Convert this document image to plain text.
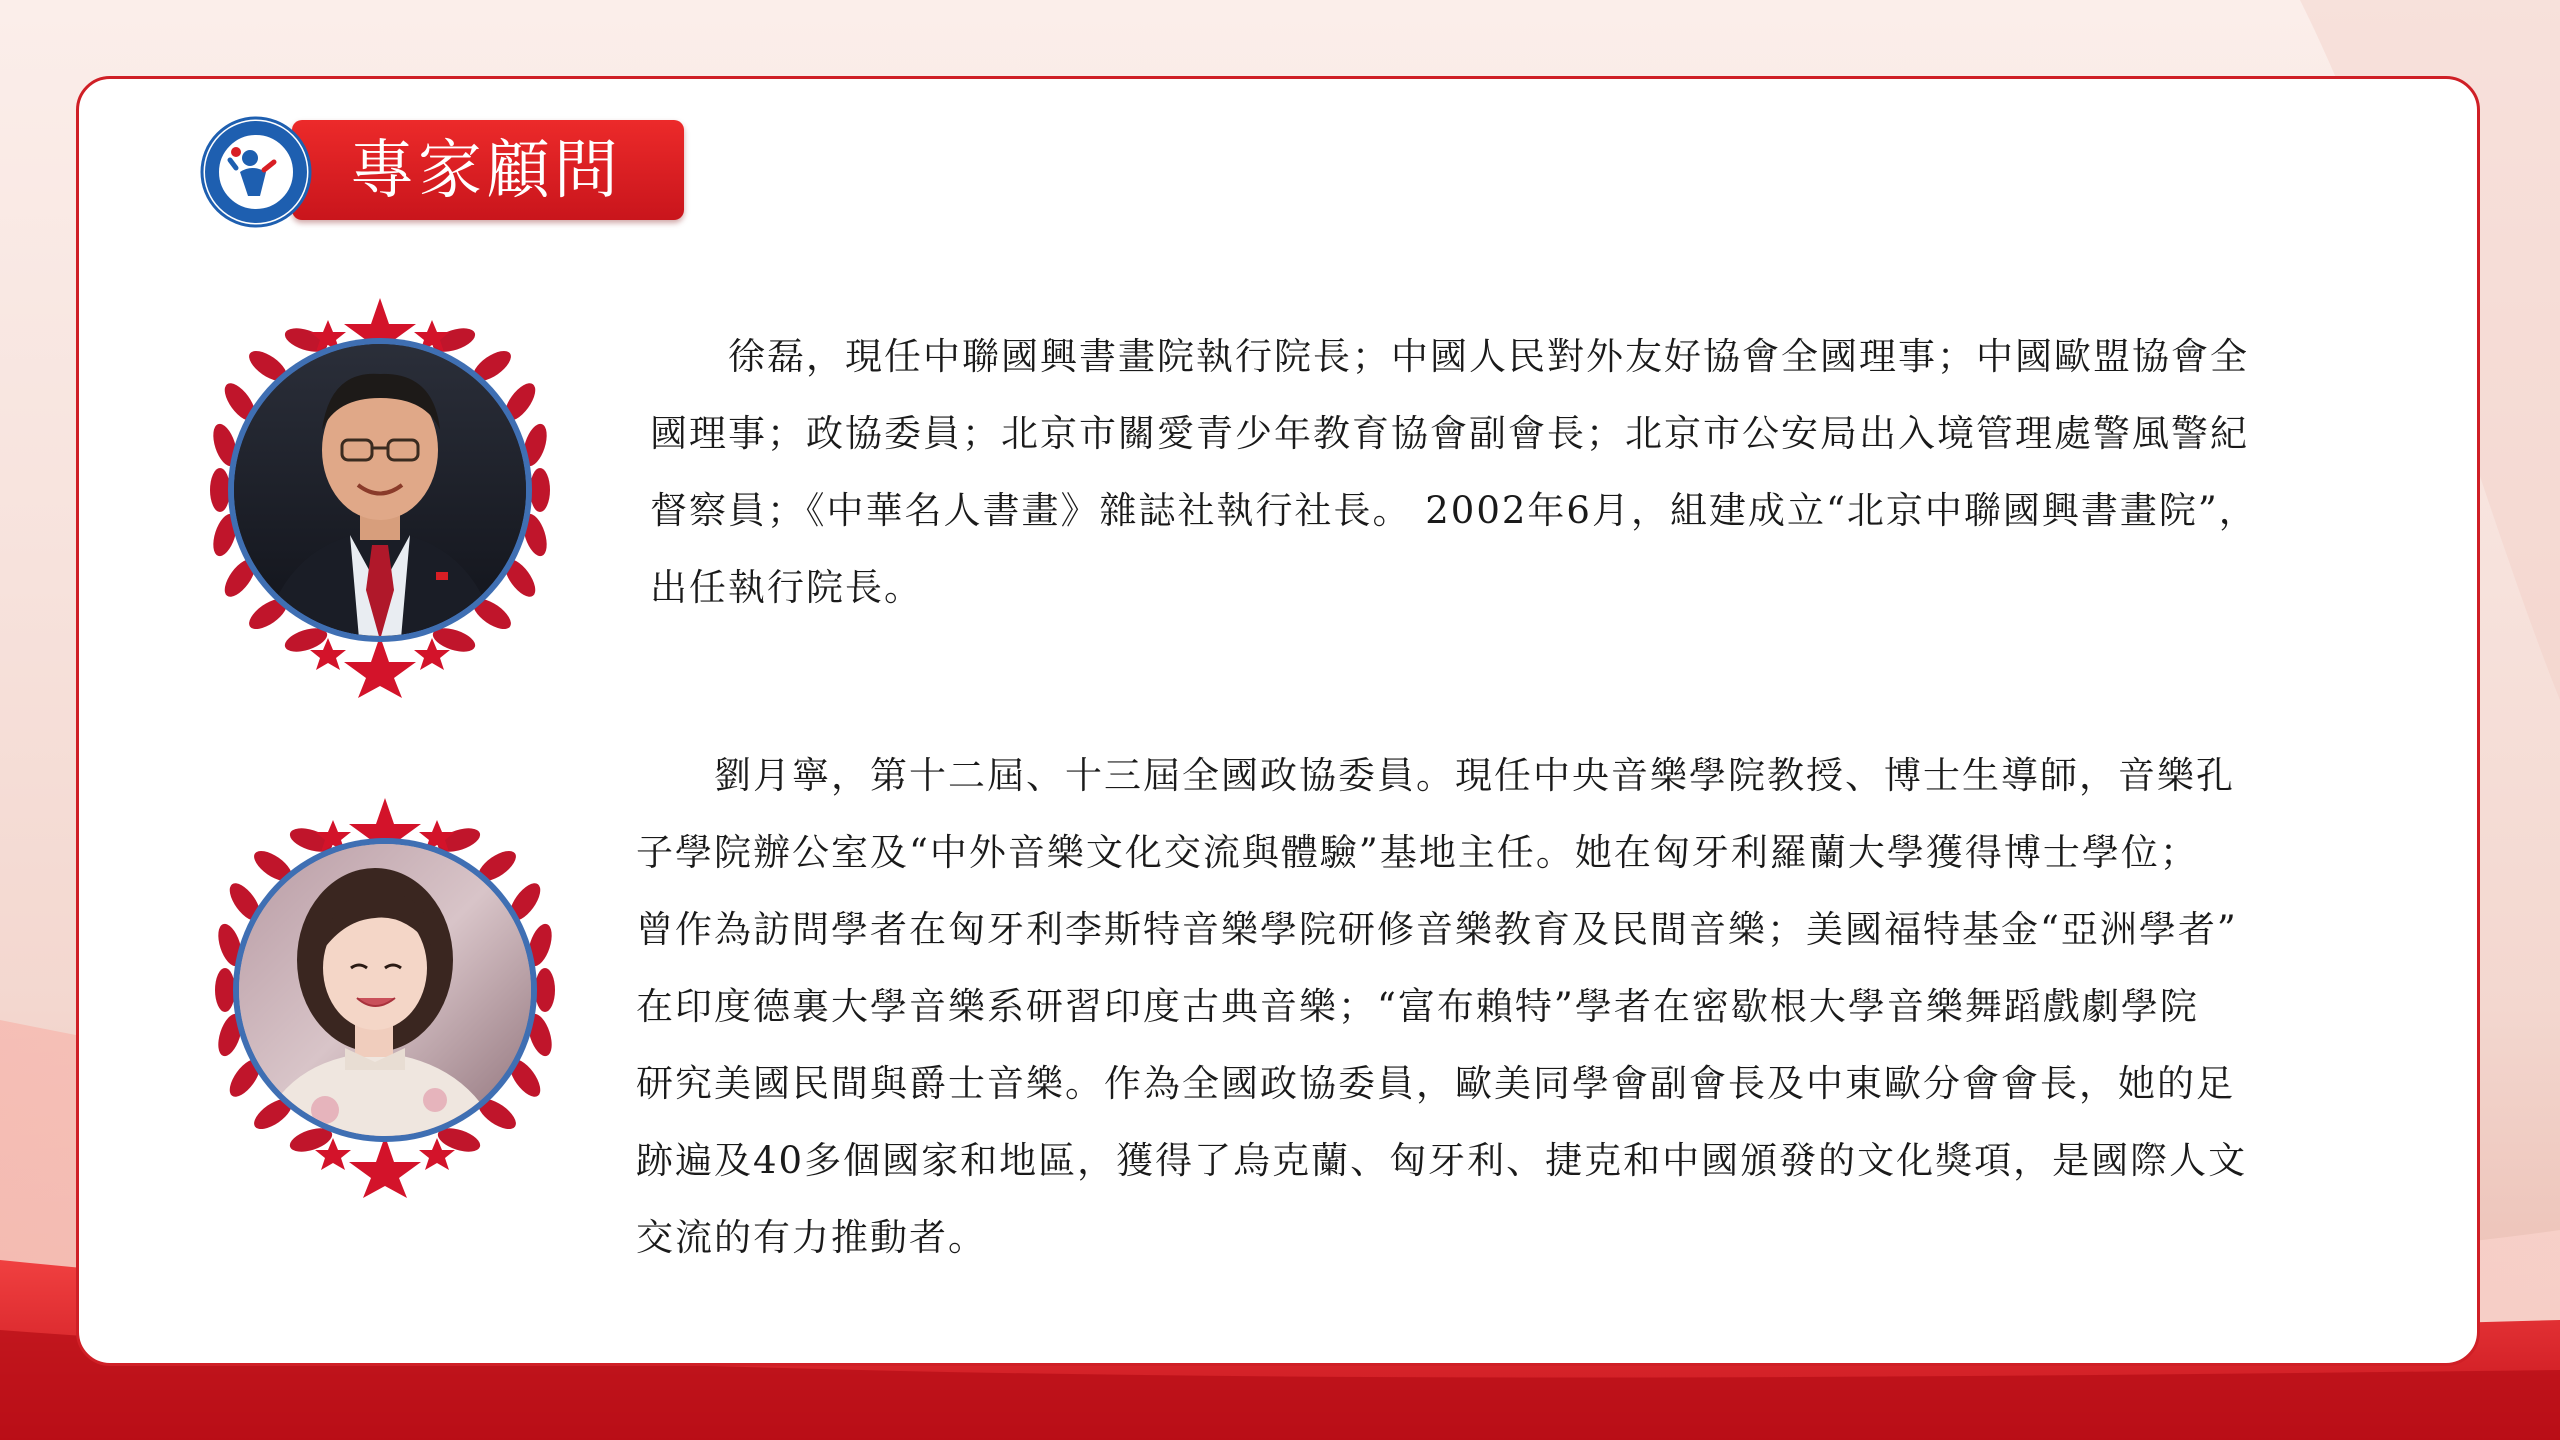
專家顧問

　　徐磊，現任中聯國興書畫院執行院長；中國人民對外友好協會全國理事；中國歐盟協會全
國理事；政協委員；北京市關愛青少年教育協會副會長；北京市公安局出入境管理處警風警紀
督察員；《中華名人書畫》雜誌社執行社長。 2002年6月，組建成立“北京中聯國興書畫院”，
出任執行院長。

　　劉月寧，第十二屆、十三屆全國政協委員。現任中央音樂學院教授、博士生導師，音樂孔
子學院辦公室及“中外音樂文化交流與體驗”基地主任。她在匈牙利羅蘭大學獲得博士學位；
曾作為訪問學者在匈牙利李斯特音樂學院研修音樂教育及民間音樂；美國福特基金“亞洲學者”
在印度德裏大學音樂系研習印度古典音樂；“富布賴特”學者在密歇根大學音樂舞蹈戲劇學院
研究美國民間與爵士音樂。作為全國政協委員，歐美同學會副會長及中東歐分會會長，她的足
跡遍及40多個國家和地區，獲得了烏克蘭、匈牙利、捷克和中國頒發的文化獎項，是國際人文
交流的有力推動者。
